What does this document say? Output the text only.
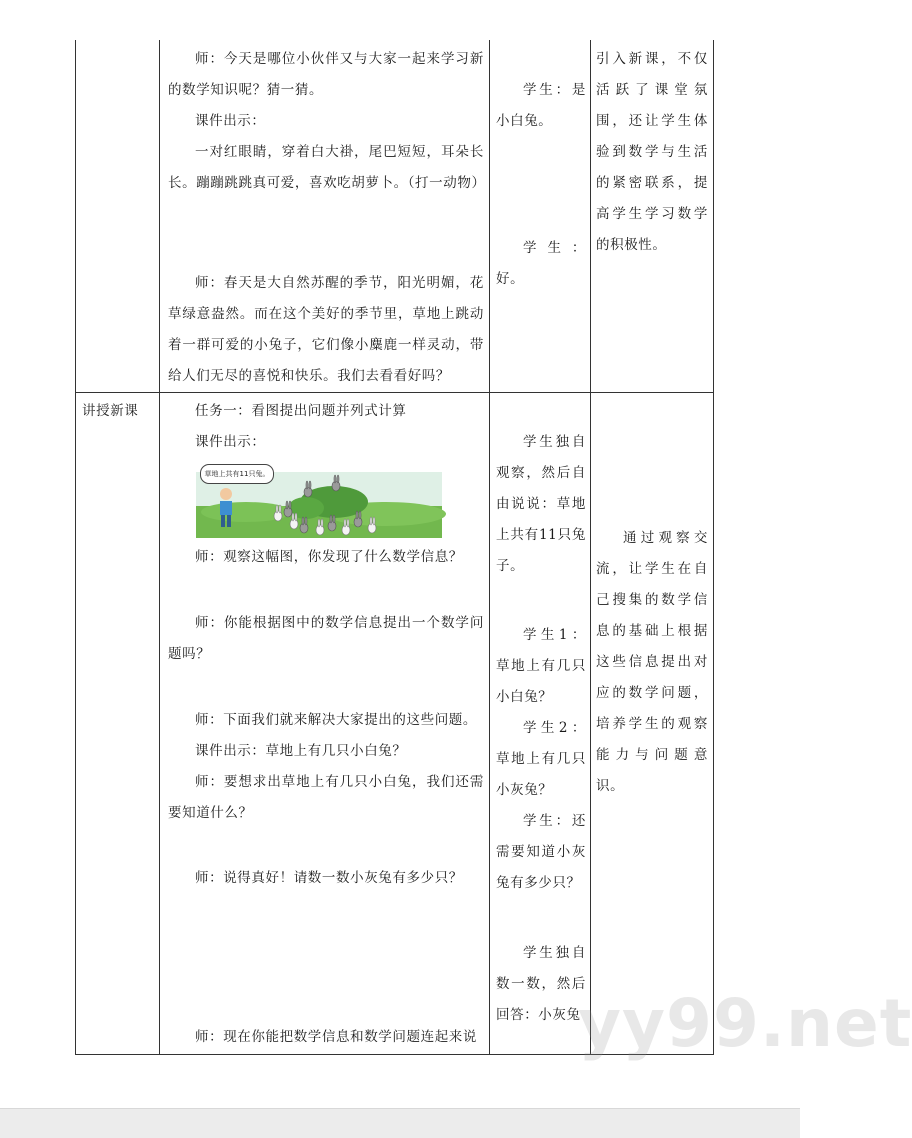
师：今天是哪位小伙伴又与大家一起来学习新的数学知识呢？猜一猜。

课件出示：

一对红眼睛，穿着白大褂，尾巴短短，耳朵长长。蹦蹦跳跳真可爱，喜欢吃胡萝卜。（打一动物）

师：春天是大自然苏醒的季节，阳光明媚，花草绿意盎然。而在这个美好的季节里，草地上跳动着一群可爱的小兔子，它们像小麋鹿一样灵动，带给人们无尽的喜悦和快乐。我们去看看好吗？

学生：是小白兔。

学生：好。

引入新课，不仅活跃了课堂氛围，还让学生体验到数学与生活的紧密联系，提高学生学习数学的积极性。

讲授新课	任务一：看图提出问题并列式计算

课件出示：

草地上共有11只兔。

师：观察这幅图，你发现了什么数学信息？

师：你能根据图中的数学信息提出一个数学问题吗？

师：下面我们就来解决大家提出的这些问题。

课件出示：草地上有几只小白兔？

师：要想求出草地上有几只小白兔，我们还需要知道什么？

师：说得真好！请数一数小灰兔有多少只？

师：现在你能把数学信息和数学问题连起来说

学生独自观察，然后自由说说：草地上共有11只兔子。

学生1：草地上有几只小白兔？

学生2：草地上有几只小灰兔？

学生：还需要知道小灰兔有多少只？

学生独自数一数，然后回答：小灰兔

通过观察交流，让学生在自己搜集的数学信息的基础上根据这些信息提出对应的数学问题，培养学生的观察能力与问题意识。

yy99.net
